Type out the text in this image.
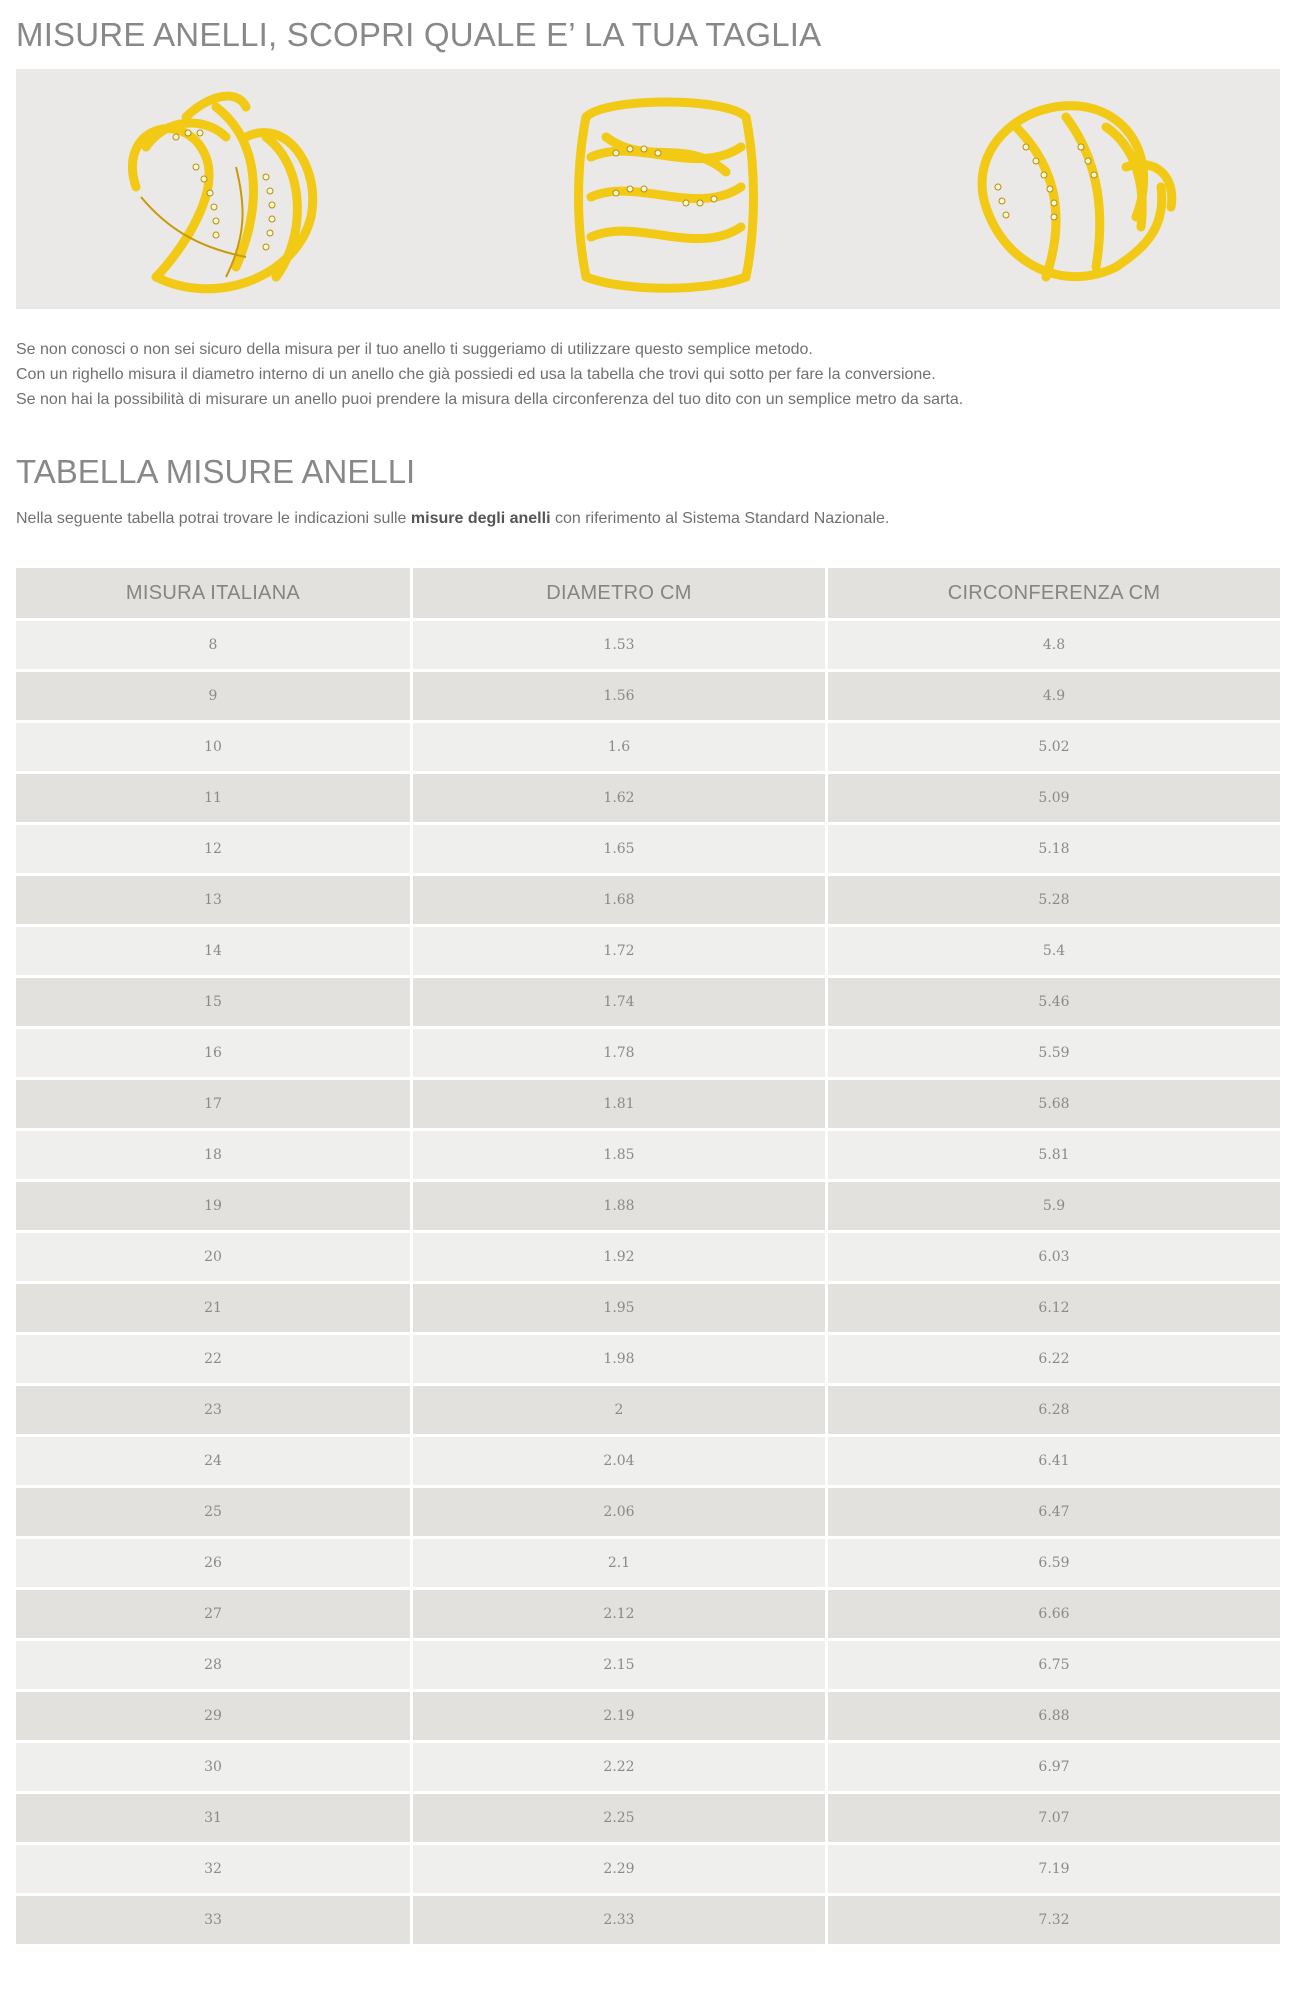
MISURE ANELLI, SCOPRI QUALE E’ LA TUA TAGLIA

Se non conosci o non sei sicuro della misura per il tuo anello ti suggeriamo di utilizzare questo semplice metodo.

Con un righello misura il diametro interno di un anello che già possiedi ed usa la tabella che trovi qui sotto per fare la conversione.

Se non hai la possibilità di misurare un anello puoi prendere la misura della circonferenza del tuo dito con un semplice metro da sarta.

TABELLA MISURE ANELLI

Nella seguente tabella potrai trovare le indicazioni sulle misure degli anelli con riferimento al Sistema Standard Nazionale.

MISURA ITALIANA	DIAMETRO CM	CIRCONFERENZA CM
8	1.53	4.8
9	1.56	4.9
10	1.6	5.02
11	1.62	5.09
12	1.65	5.18
13	1.68	5.28
14	1.72	5.4
15	1.74	5.46
16	1.78	5.59
17	1.81	5.68
18	1.85	5.81
19	1.88	5.9
20	1.92	6.03
21	1.95	6.12
22	1.98	6.22
23	2	6.28
24	2.04	6.41
25	2.06	6.47
26	2.1	6.59
27	2.12	6.66
28	2.15	6.75
29	2.19	6.88
30	2.22	6.97
31	2.25	7.07
32	2.29	7.19
33	2.33	7.32
